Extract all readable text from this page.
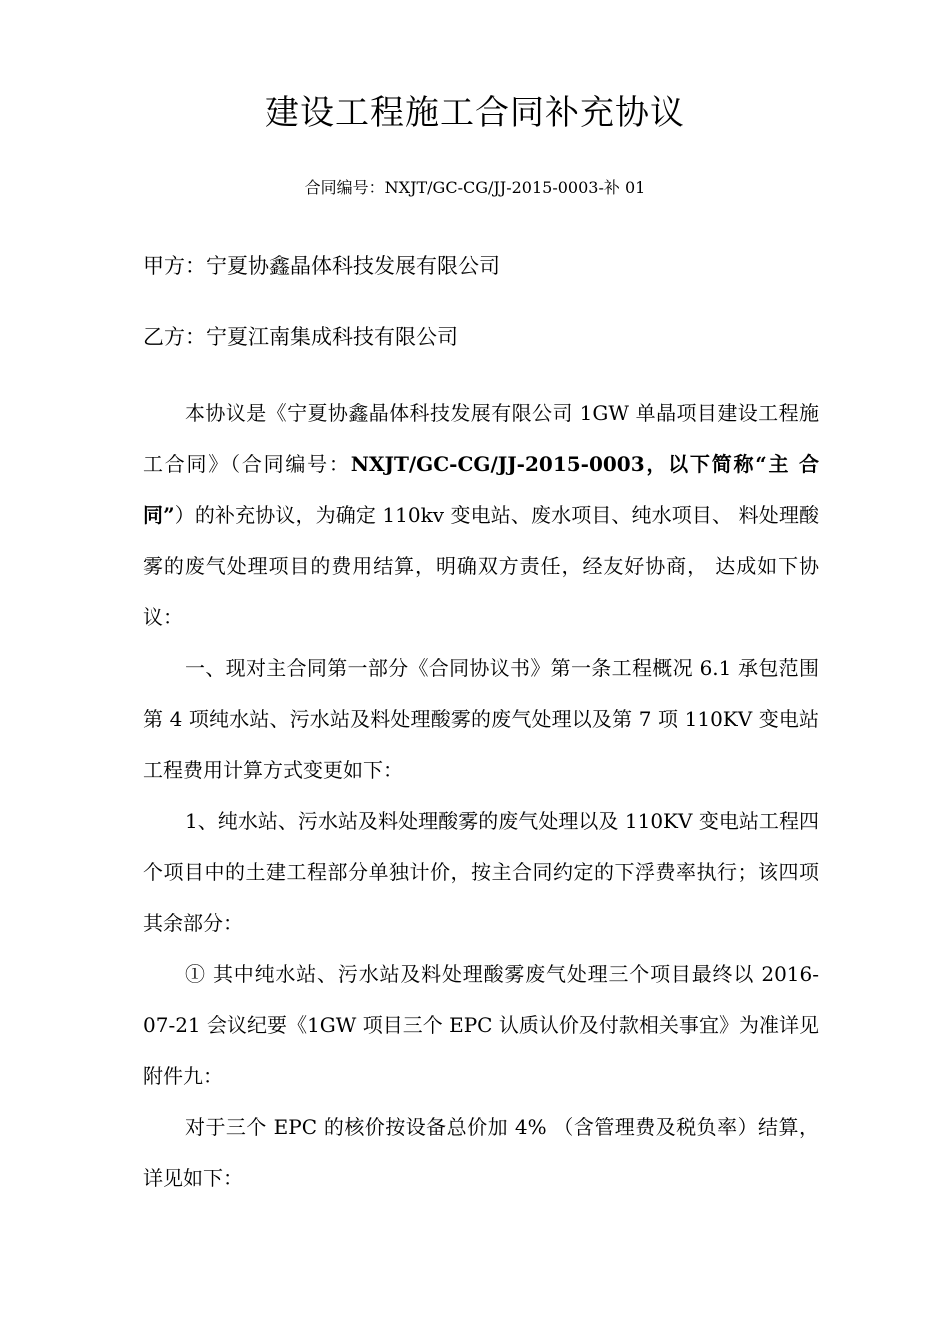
建设工程施工合同补充协议
合同编号：NXJT/GC-CG/JJ-2015-0003-补 01
甲方：宁夏协鑫晶体科技发展有限公司
乙方：宁夏江南集成科技有限公司

本协议是《宁夏协鑫晶体科技发展有限公司 1GW 单晶项目建设工程施工合同》（合同编号：NXJT/GC-CG/JJ-2015-0003，以下简称“主 合同”）的补充协议，为确定 110kv 变电站、废水项目、纯水项目、 料处理酸雾的废气处理项目的费用结算，明确双方责任，经友好协商， 达成如下协议：

一、现对主合同第一部分《合同协议书》第一条工程概况 6.1 承包范围第 4 项纯水站、污水站及料处理酸雾的废气处理以及第 7 项 110KV 变电站工程费用计算方式变更如下：

1、纯水站、污水站及料处理酸雾的废气处理以及 110KV 变电站工程四个项目中的土建工程部分单独计价，按主合同约定的下浮费率执行；该四项其余部分：

① 其中纯水站、污水站及料处理酸雾废气处理三个项目最终以 2016-07-21 会议纪要《1GW 项目三个 EPC 认质认价及付款相关事宜》为准详见附件九：

对于三个 EPC 的核价按设备总价加 4% （含管理费及税负率）结算，详见如下：
